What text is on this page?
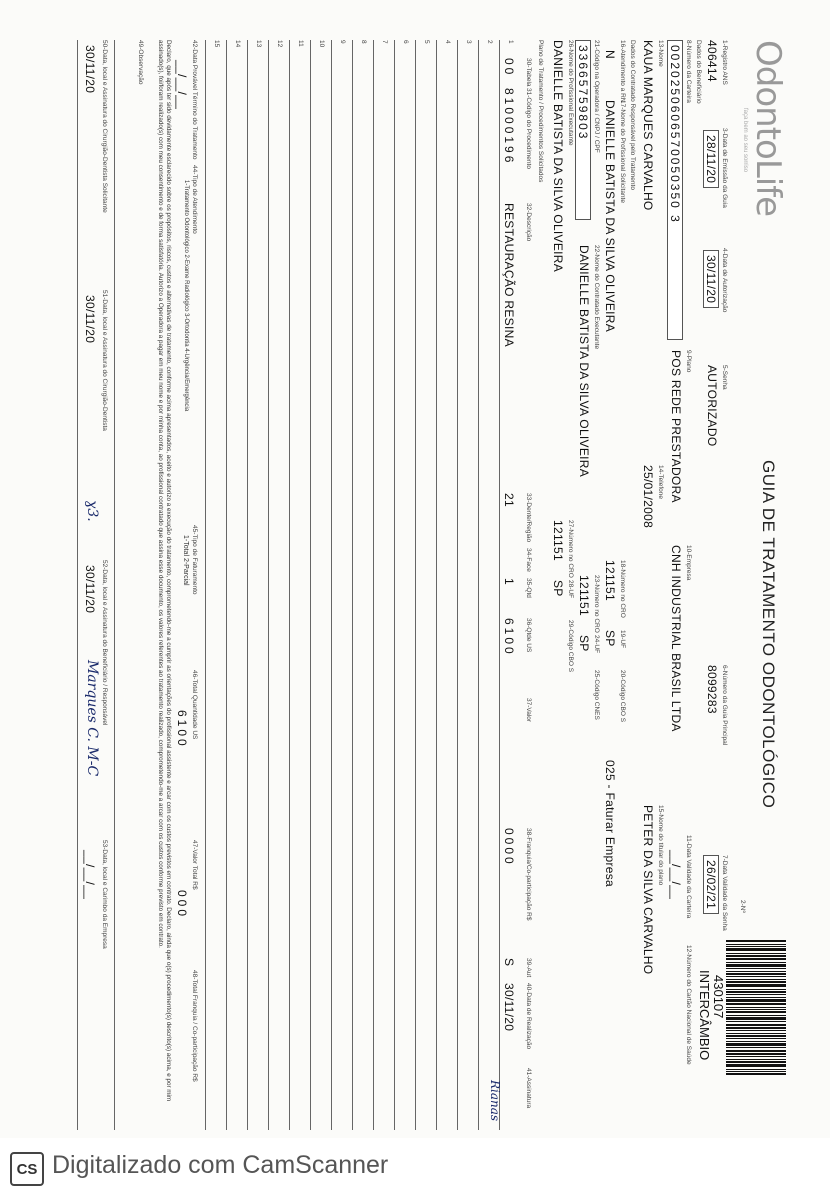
OdontoLife
faça bem ao seu sorriso
GUIA DE TRATAMENTO ODONTOLÓGICO
2-Nº
430107
INTERCÂMBIO
1-Registro ANS
406414
3-Data de Emissão da Guia
28/11/20
4-Data de Autorização
30/11/20
5-Senha
AUTORIZADO
6-Número da Guia Principal
8099283
7-Data Validade da Senha
26/02/21
Dados do Beneficiário
8-Número da Carteira
0020250606570050350 3
9-Plano
POS REDE PRESTADORA
10-Empresa
CNH INDUSTRIAL BRASIL LTDA
11-Data Validade da Carteira
__/__/__
12-Número do Cartão Nacional de Saúde
13-Nome
KAUA MARQUES CARVALHO
14-Telefone
25/01/2008
15-Nome do titular do plano
PETER DA SILVA CARVALHO
Dados do Contratado Responsável pelo Tratamento
16-Atendimento a RN
N
17-Nome do Profissional Solicitante
DANIELLE BATISTA DA SILVA OLIVEIRA
18-Número no CRO
121151
19-UF
SP
20-Código CBO S
025 - Faturar Empresa
21-Código na Operadora / CNPJ / CPF
33665759803
22-Nome do Contratado Executante
DANIELLE BATISTA DA SILVA OLIVEIRA
23-Número no CRO
121151
24-UF
SP
25-Código CNES
26-Nome do Profissional Executante
DANIELLE BATISTA DA SILVA OLIVEIRA
27-Número no CRO
121151
28-UF
SP
29-Código CBO S
Plano de Tratamento / Procedimentos Solicitados
30-Tabela
31-Código do Procedimento
32-Descrição
33-Dente/Região
34-Face
35-Qtd
36-Qtde US
37-Valor
38-Franquia/Co-participação R$
39-Aut
40-Data de Realização
41-Assinatura
1
00
81000196
RESTAURAÇÃO RESINA
21
1
6100
0000
S
30/11/20
2
3
4
5
6
7
8
9
10
11
12
13
14
15
42-Data Provável Término do Tratamento
__/__/__
44-Tipo de Atendimento
1-Tratamento Odontológico 2-Exame Radiológico 3-Ortodontia 4-Urgência/Emergência
45-Tipo de Faturamento
1-Total 2-Parcial
46-Total Quantidade US
6100
47-Valor Total R$
000
48-Total Franquia / Co-participação R$
Declaro, que após ter sido devidamente esclarecido sobre os propósitos, riscos, custos e alternativas de tratamento, conforme acima apresentados, aceito e autorizo a execução do tratamento, comprometendo-me a cumprir as orientações do profissional assistente e arcar com os custos previstos em contrato. Declaro, ainda que o(s) procedimento(s) descrito(s) acima, e por mim assinado(s), foi/foram realizado(s) com meu consentimento e de forma satisfatória. Autorizo a Operadora a pagar em meu nome e por minha conta, ao profissional contratado que assina esse documento, os valores referentes ao tratamento realizado, comprometendo-me a arcar com os custos conforme previsto em contrato.
49-Observação
50-Data, local e Assinatura do Cirurgião-Dentista Solicitante
30/11/20
51-Data, local e Assinatura do Cirurgião-Dentista
30/11/20
ɣ3.
52-Data, local e Assinatura do Beneficiário / Responsável
30/11/20
Marques C. M-C
53-Data, local e Carimbo da Empresa
__/__/__
Rianas
CS Digitalizado com CamScanner
